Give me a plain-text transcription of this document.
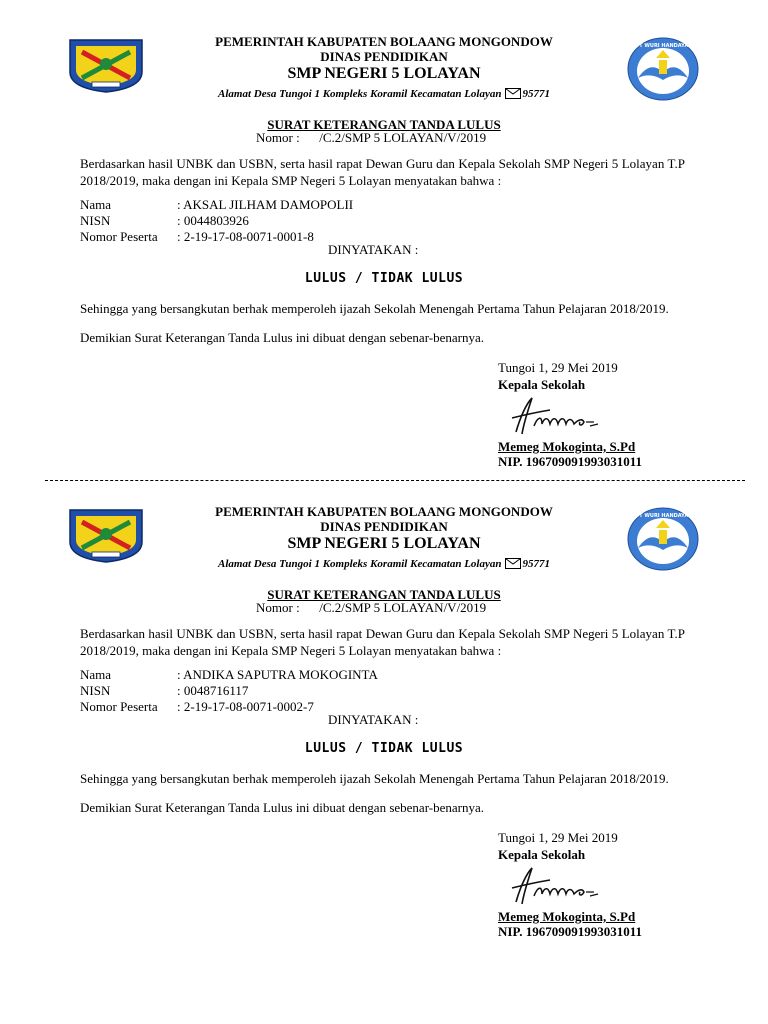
PEMERINTAH KABUPATEN BOLAANG MONGONDOW
DINAS PENDIDIKAN
SMP NEGERI 5 LOLAYAN
Alamat Desa Tungoi 1 Kompleks Koramil Kecamatan Lolayan 95771
TUT WURI HANDAYANI
SURAT KETERANGAN TANDA LULUS
Nomor : /C.2/SMP 5 LOLAYAN/V/2019
Berdasarkan hasil UNBK dan USBN, serta hasil rapat Dewan Guru dan Kepala Sekolah SMP Negeri 5 Lolayan T.P 2018/2019, maka dengan ini Kepala SMP Negeri 5 Lolayan menyatakan bahwa :
Nama	: AKSAL JILHAM DAMOPOLII
NISN	: 0044803926
Nomor Peserta	: 2-19-17-08-0071-0001-8
DINYATAKAN :
LULUS / TIDAK LULUS
Sehingga yang bersangkutan berhak memperoleh ijazah Sekolah Menengah Pertama Tahun Pelajaran 2018/2019.
Demikian Surat Keterangan Tanda Lulus ini dibuat dengan sebenar-benarnya.
Tungoi 1, 29 Mei 2019
Kepala Sekolah
Memeg Mokoginta, S.Pd
NIP. 196709091993031011
PEMERINTAH KABUPATEN BOLAANG MONGONDOW
DINAS PENDIDIKAN
SMP NEGERI 5 LOLAYAN
Alamat Desa Tungoi 1 Kompleks Koramil Kecamatan Lolayan 95771
TUT WURI HANDAYANI
SURAT KETERANGAN TANDA LULUS
Nomor : /C.2/SMP 5 LOLAYAN/V/2019
Berdasarkan hasil UNBK dan USBN, serta hasil rapat Dewan Guru dan Kepala Sekolah SMP Negeri 5 Lolayan T.P 2018/2019, maka dengan ini Kepala SMP Negeri 5 Lolayan menyatakan bahwa :
Nama	: ANDIKA SAPUTRA MOKOGINTA
NISN	: 0048716117
Nomor Peserta	: 2-19-17-08-0071-0002-7
DINYATAKAN :
LULUS / TIDAK LULUS
Sehingga yang bersangkutan berhak memperoleh ijazah Sekolah Menengah Pertama Tahun Pelajaran 2018/2019.
Demikian Surat Keterangan Tanda Lulus ini dibuat dengan sebenar-benarnya.
Tungoi 1, 29 Mei 2019
Kepala Sekolah
Memeg Mokoginta, S.Pd
NIP. 196709091993031011
